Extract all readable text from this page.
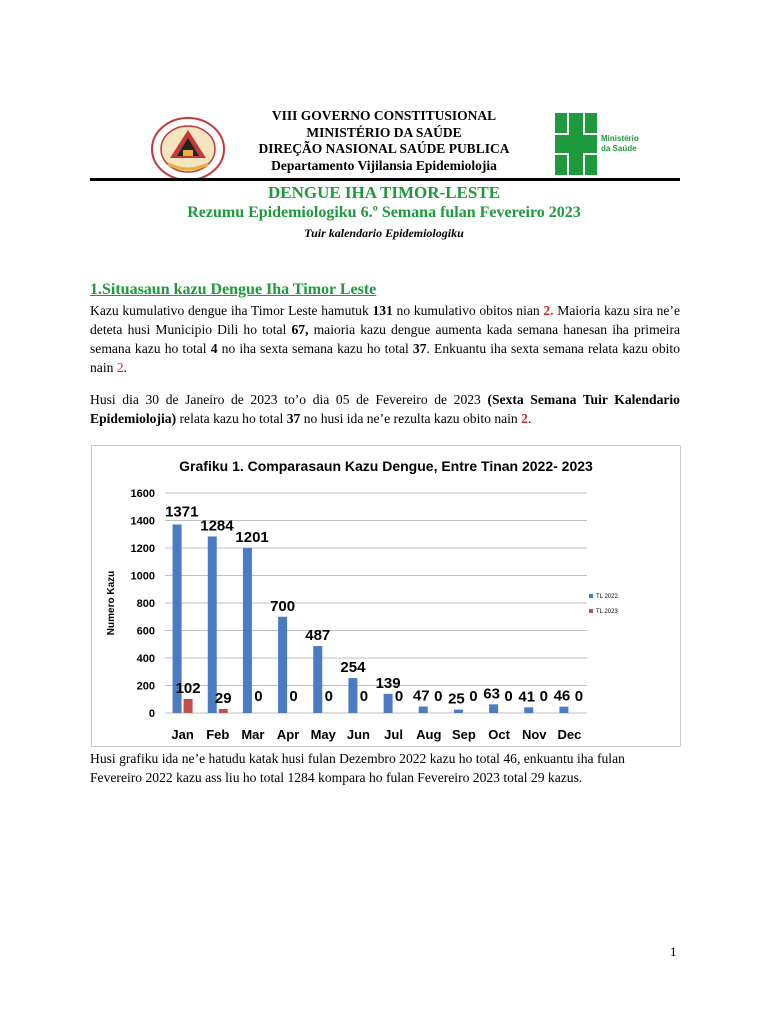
Ministério
da Saúde
VIII GOVERNO CONSTITUSIONAL
MINISTÉRIO DA SAÚDE
DIREÇÃO NASIONAL SAÚDE PUBLICA
Departamento Vijilansia Epidemiolojia
DENGUE IHA TIMOR-LESTE
Rezumu Epidemiologiku 6.º Semana fulan Fevereiro 2023
Tuir kalendario Epidemiologiku
1.Situasaun kazu Dengue Iha Timor Leste
Kazu kumulativo dengue iha Timor Leste hamutuk 131 no kumulativo obitos nian 2. Maioria kazu sira ne’e deteta husi Municipio Dili ho total 67, maioria kazu dengue aumenta kada semana hanesan iha primeira semana kazu ho total 4 no iha sexta semana kazu ho total 37. Enkuantu iha sexta semana relata kazu obito nain 2.
Husi dia 30 de Janeiro de 2023 to’o dia 05 de Fevereiro de 2023 (Sexta Semana Tuir Kalendario Epidemiolojia) relata kazu ho total 37 no husi ida ne’e rezulta kazu obito nain 2.
Grafiku 1. Comparasaun Kazu Dengue, Entre Tinan 2022- 2023
0
200
400
600
800
1000
1200
1400
1600
Numero Kazu
1371
102
Jan
1284
29
Feb
1201
0
Mar
700
0
Apr
487
0
May
254
0
Jun
139
0
Jul
47 0
Aug
25 0
Sep
63 0
Oct
41 0
Nov
46 0
Dec
TL 2022
TL 2023
Husi grafiku ida ne’e hatudu katak husi fulan Dezembro 2022 kazu ho total 46, enkuantu iha fulan Fevereiro 2022 kazu ass liu ho total 1284 kompara ho fulan Fevereiro 2023 total 29 kazus.
1
